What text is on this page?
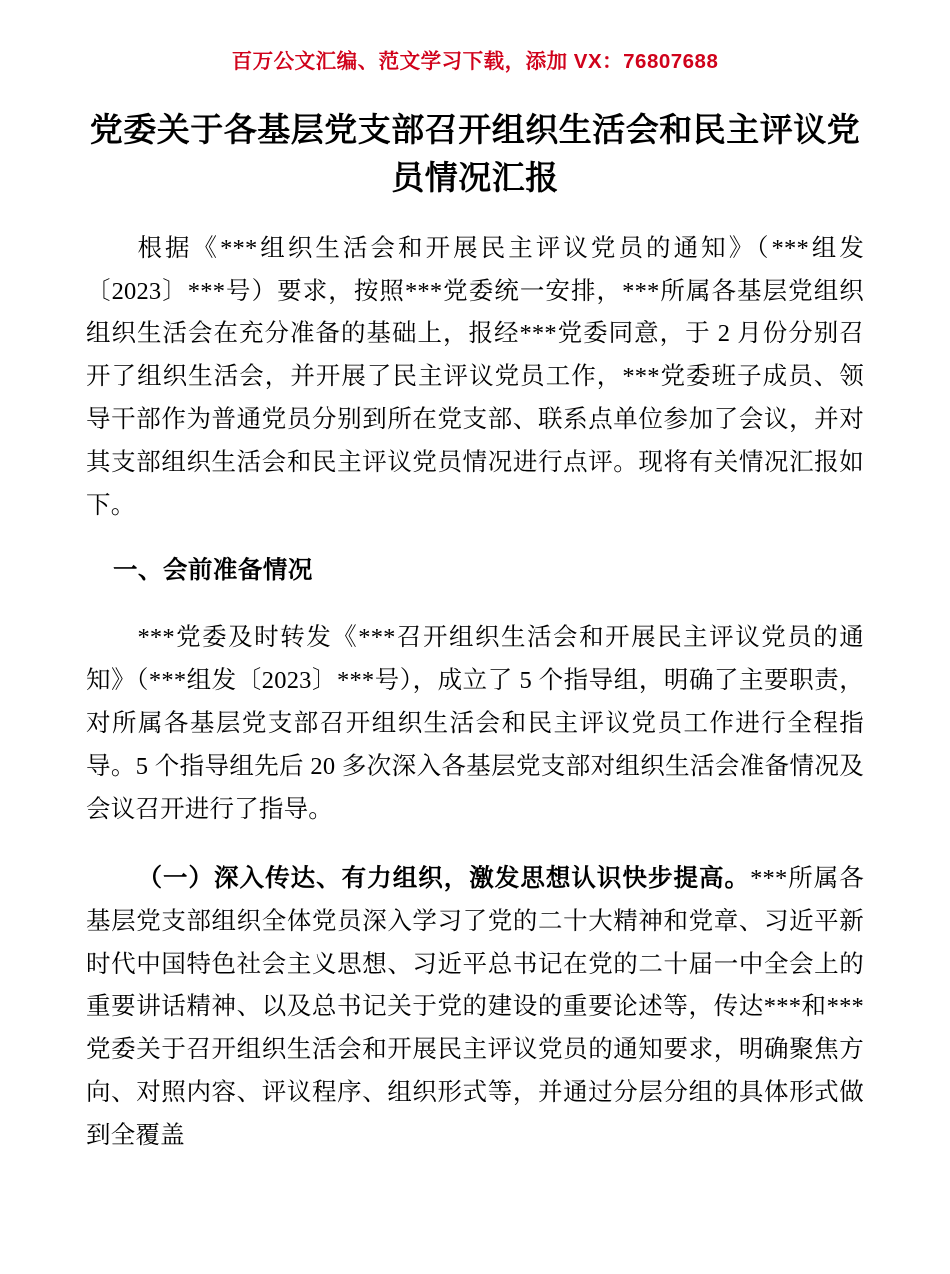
百万公文汇编、范文学习下载，添加 VX：76807688
党委关于各基层党支部召开组织生活会和民主评议党员情况汇报

根据《***组织生活会和开展民主评议党员的通知》（***组发〔2023〕***号）要求，按照***党委统一安排，***所属各基层党组织组织生活会在充分准备的基础上，报经***党委同意，于 2 月份分别召开了组织生活会，并开展了民主评议党员工作，***党委班子成员、领导干部作为普通党员分别到所在党支部、联系点单位参加了会议，并对其支部组织生活会和民主评议党员情况进行点评。现将有关情况汇报如下。

一、会前准备情况

***党委及时转发《***召开组织生活会和开展民主评议党员的通知》（***组发〔2023〕***号），成立了 5 个指导组，明确了主要职责，对所属各基层党支部召开组织生活会和民主评议党员工作进行全程指导。5 个指导组先后 20 多次深入各基层党支部对组织生活会准备情况及会议召开进行了指导。

（一）深入传达、有力组织，激发思想认识快步提高。***所属各基层党支部组织全体党员深入学习了党的二十大精神和党章、习近平新时代中国特色社会主义思想、习近平总书记在党的二十届一中全会上的重要讲话精神、以及总书记关于党的建设的重要论述等，传达***和***党委关于召开组织生活会和开展民主评议党员的通知要求，明确聚焦方向、对照内容、评议程序、组织形式等，并通过分层分组的具体形式做到全覆盖
